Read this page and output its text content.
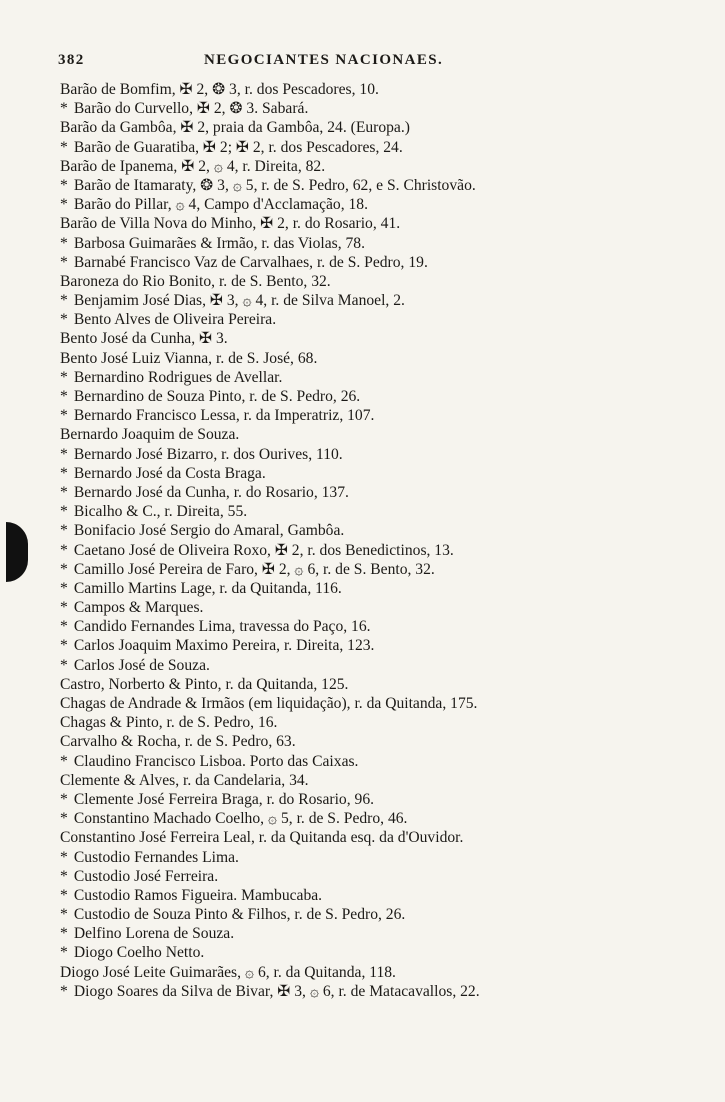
382	NEGOCIANTES NACIONAES.
Barão de Bomfim, ✠ 2, ❂ 3, r. dos Pescadores, 10.
* Barão do Curvello, ✠ 2, ❂ 3. Sabará.
Barão da Gambôa, ✠ 2, praia da Gambôa, 24. (Europa.)
* Barão de Guaratiba, ✠ 2; ✠ 2, r. dos Pescadores, 24.
Barão de Ipanema, ✠ 2, ۞ 4, r. Direita, 82.
* Barão de Itamaraty, ❂ 3, ۞ 5, r. de S. Pedro, 62, e S. Christovão.
* Barão do Pillar, ۞ 4, Campo d'Acclamação, 18.
Barão de Villa Nova do Minho, ✠ 2, r. do Rosario, 41.
* Barbosa Guimarães & Irmão, r. das Violas, 78.
* Barnabé Francisco Vaz de Carvalhaes, r. de S. Pedro, 19.
Baroneza do Rio Bonito, r. de S. Bento, 32.
* Benjamim José Dias, ✠ 3, ۞ 4, r. de Silva Manoel, 2.
* Bento Alves de Oliveira Pereira.
Bento José da Cunha, ✠ 3.
Bento José Luiz Vianna, r. de S. José, 68.
* Bernardino Rodrigues de Avellar.
* Bernardino de Souza Pinto, r. de S. Pedro, 26.
* Bernardo Francisco Lessa, r. da Imperatriz, 107.
Bernardo Joaquim de Souza.
* Bernardo José Bizarro, r. dos Ourives, 110.
* Bernardo José da Costa Braga.
* Bernardo José da Cunha, r. do Rosario, 137.
* Bicalho & C., r. Direita, 55.
* Bonifacio José Sergio do Amaral, Gambôa.
* Caetano José de Oliveira Roxo, ✠ 2, r. dos Benedictinos, 13.
* Camillo José Pereira de Faro, ✠ 2, ۞ 6, r. de S. Bento, 32.
* Camillo Martins Lage, r. da Quitanda, 116.
* Campos & Marques.
* Candido Fernandes Lima, travessa do Paço, 16.
* Carlos Joaquim Maximo Pereira, r. Direita, 123.
* Carlos José de Souza.
Castro, Norberto & Pinto, r. da Quitanda, 125.
Chagas de Andrade & Irmãos (em liquidação), r. da Quitanda, 175.
Chagas & Pinto, r. de S. Pedro, 16.
Carvalho & Rocha, r. de S. Pedro, 63.
* Claudino Francisco Lisboa. Porto das Caixas.
Clemente & Alves, r. da Candelaria, 34.
* Clemente José Ferreira Braga, r. do Rosario, 96.
* Constantino Machado Coelho, ۞ 5, r. de S. Pedro, 46.
Constantino José Ferreira Leal, r. da Quitanda esq. da d'Ouvidor.
* Custodio Fernandes Lima.
* Custodio José Ferreira.
* Custodio Ramos Figueira. Mambucaba.
* Custodio de Souza Pinto & Filhos, r. de S. Pedro, 26.
* Delfino Lorena de Souza.
* Diogo Coelho Netto.
Diogo José Leite Guimarães, ۞ 6, r. da Quitanda, 118.
* Diogo Soares da Silva de Bivar, ✠ 3, ۞ 6, r. de Matacavallos, 22.
